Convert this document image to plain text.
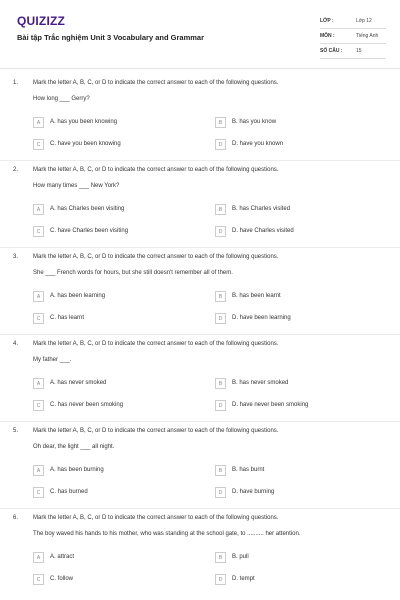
QUIZIZZ
Bài tập Trắc nghiệm Unit 3 Vocabulary and Grammar
LỚP :	Lớp 12
MÔN :	Tiếng Anh
SỐ CÂU :	15
1. Mark the letter A, B, C, or D to indicate the correct answer to each of the following questions.
How long ___ Gerry?
A	A. has you been knowing	B	B. has you know
C	C. have you been knowing	D	D. have you known
2. Mark the letter A, B, C, or D to indicate the correct answer to each of the following questions.
How many times ___ New York?
A	A. has Charles been visiting	B	B. has Charles visited
C	C. have Charles been visiting	D	D. have Charles visited
3. Mark the letter A, B, C, or D to indicate the correct answer to each of the following questions.
She ___ French words for hours, but she still doesn't remember all of them.
A	A. has been learning	B	B. has been learnt
C	C. has learnt	D	D. have been learning
4. Mark the letter A, B, C, or D to indicate the correct answer to each of the following questions.
My father ___.
A	A. has never smoked	B	B. has never smoked
C	C. has never been smoking	D	D. have never been smoking
5. Mark the letter A, B, C, or D to indicate the correct answer to each of the following questions.
Oh dear, the light ___ all night.
A	A. has been burning	B	B. has burnt
C	C. has burned	D	D. have burning
6. Mark the letter A, B, C, or D to indicate the correct answer to each of the following questions.
The boy waved his hands to his mother, who was standing at the school gate, to .......... her attention.
A	A. attract	B	B. pull
C	C. follow	D	D. tempt
